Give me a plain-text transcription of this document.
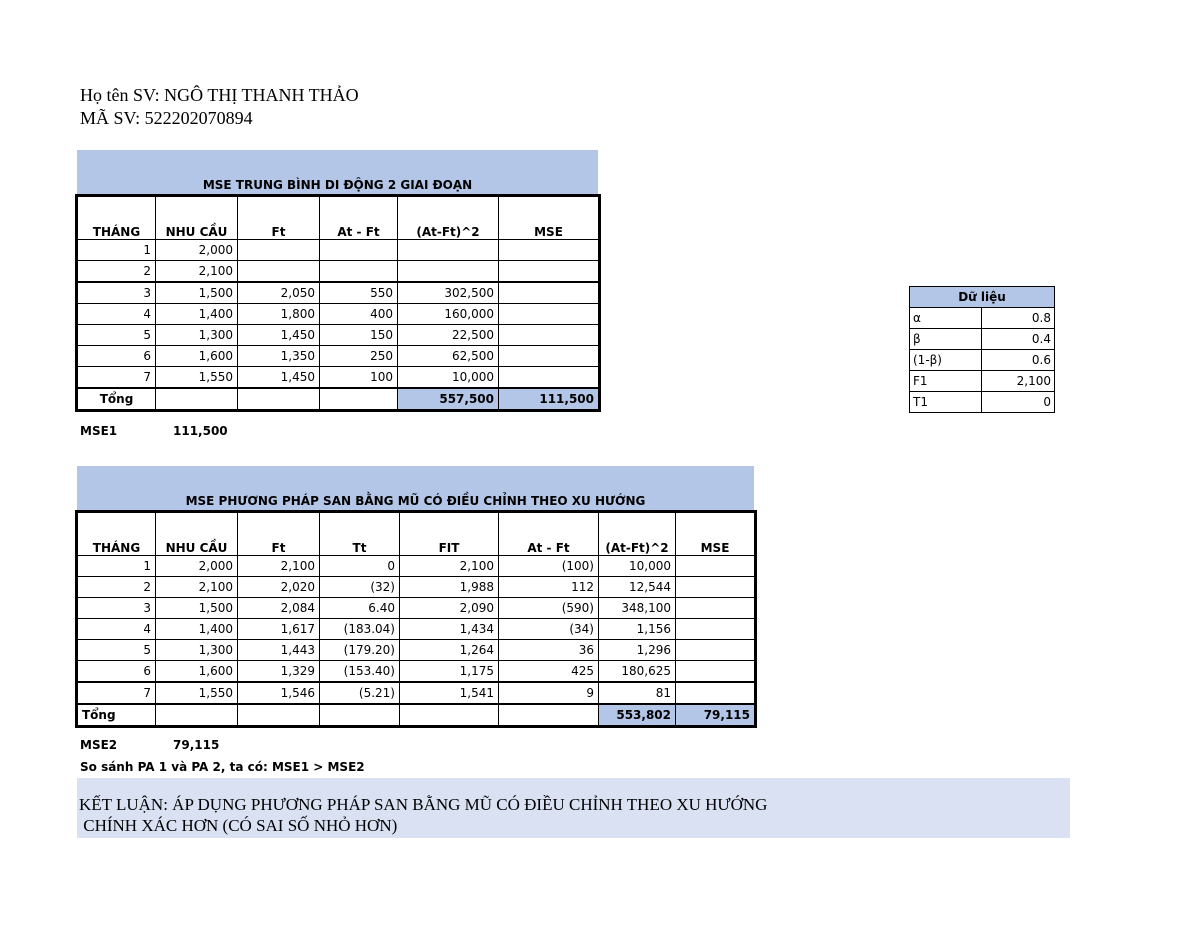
Họ tên SV: NGÔ THỊ THANH THẢO
MÃ SV: 522202070894
MSE TRUNG BÌNH DI ĐỘNG 2 GIAI ĐOẠN
THÁNG	NHU CẦU	Ft	At - Ft	(At-Ft)^2	MSE
1	2,000				
2	2,100				
3	1,500	2,050	550	302,500	
4	1,400	1,800	400	160,000	
5	1,300	1,450	150	22,500	
6	1,600	1,350	250	62,500	
7	1,550	1,450	100	10,000	
Tổng				557,500	111,500
MSE1	111,500
Dữ liệu	
α	0.8
β	0.4
(1-β)	0.6
F1	2,100
T1	0
MSE PHƯƠNG PHÁP SAN BẰNG MŨ CÓ ĐIỀU CHỈNH THEO XU HƯỚNG
THÁNG	NHU CẦU	Ft	Tt	FIT	At - Ft	(At-Ft)^2	MSE
1	2,000	2,100	0	2,100	(100)	10,000	
2	2,100	2,020	(32)	1,988	112	12,544	
3	1,500	2,084	6.40	2,090	(590)	348,100	
4	1,400	1,617	(183.04)	1,434	(34)	1,156	
5	1,300	1,443	(179.20)	1,264	36	1,296	
6	1,600	1,329	(153.40)	1,175	425	180,625	
7	1,550	1,546	(5.21)	1,541	9	81	
Tổng						553,802	79,115
MSE2	79,115
So sánh PA 1 và PA 2, ta có: MSE1 > MSE2
KẾT LUẬN: ÁP DỤNG PHƯƠNG PHÁP SAN BẰNG MŨ CÓ ĐIỀU CHỈNH THEO XU HƯỚNG
CHÍNH XÁC HƠN (CÓ SAI SỐ NHỎ HƠN)
